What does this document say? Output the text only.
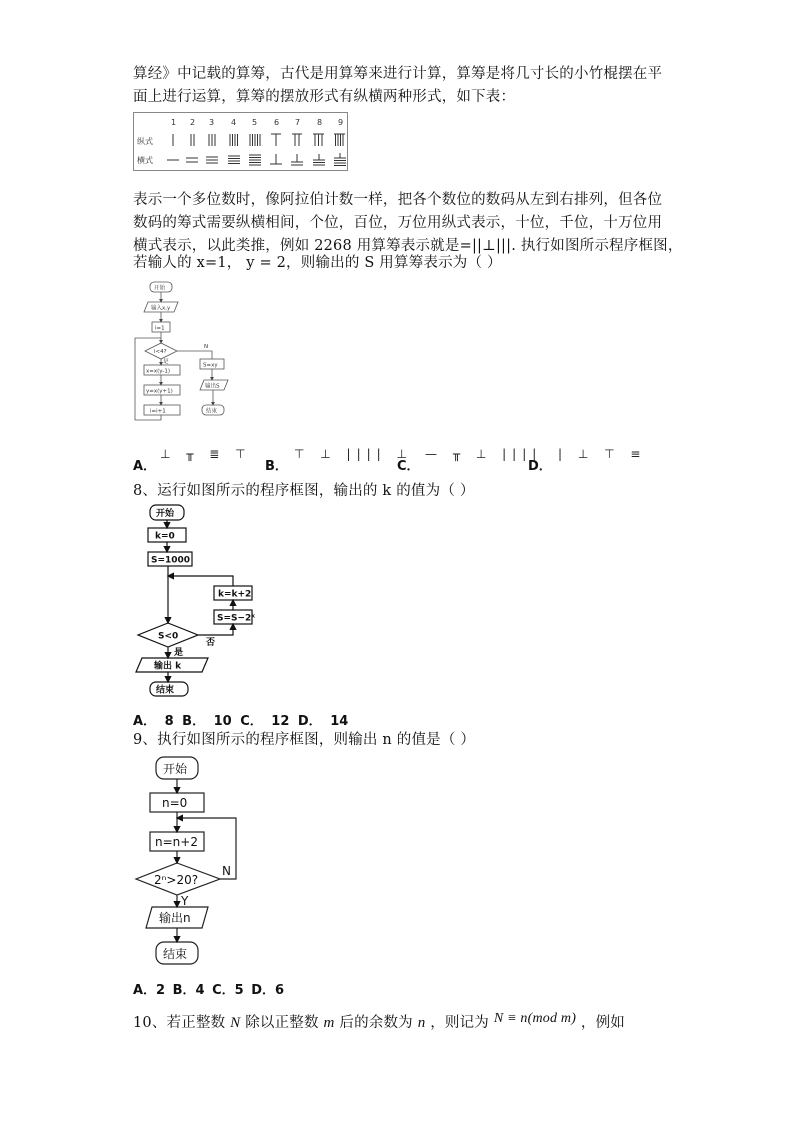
算经》中记载的算筹，古代是用算筹来进行计算，算筹是将几寸长的小竹棍摆在平
面上进行运算，算筹的摆放形式有纵横两种形式，如下表：
1 2 3 4 5 6 7 8 9
纵式
横式
表示一个多位数时，像阿拉伯计数一样，把各个数位的数码从左到右排列，但各位
数码的筹式需要纵横相间，个位，百位，万位用纵式表示，十位，千位，十万位用
横式表示，以此类推，例如 2268 用算筹表示就是=||⊥|||. 执行如图所示程序框图，
若输人的 x=1， y = 2，则输出的 S 用算筹表示为（ ）
开始
输入x,y
i=1
i<4?
N
是
x=x(y-1)
y=x(y+1)
i=i+1
S=xy
输出S
结束
A．
⊥ ╥ ≣ ⊤
B．
⊤ ⊥ |||| ⊥
C．
— ╥ ⊥ ||||
D．
| ⊥ ⊤ ≡
8、运行如图所示的程序框图，输出的 k 的值为（ ）
开始
k=0
S=1000
k=k+2
S=S−2ᵏ
S<0
否
是
输出 k
结束
A． 8 B． 10 C． 12 D． 14
9、执行如图所示的程序框图，则输出 n 的值是（ ）
开始
n=0
n=n+2
2ⁿ>20?
N
Y
输出n
结束
A．2 B．4 C．5 D．6
10、若正整数 N 除以正整数 m 后的余数为 n ，则记为 N ≡ n(mod m) ，例如
